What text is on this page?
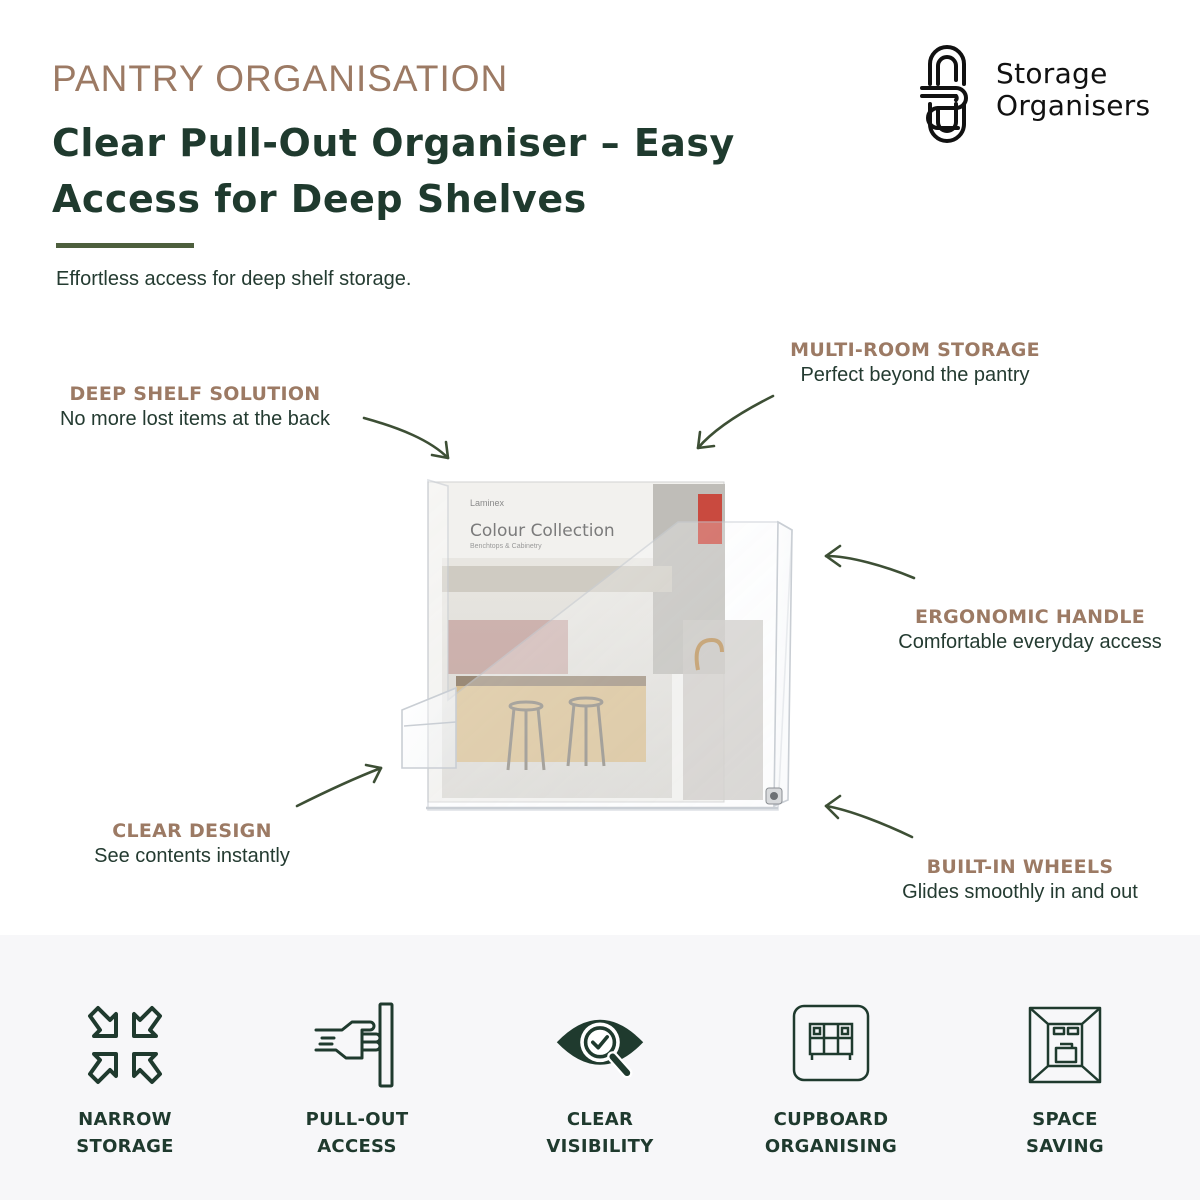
PANTRY ORGANISATION
Clear Pull-Out Organiser – Easy Access for Deep Shelves
Effortless access for deep shelf storage.
Storage
Organisers
DEEP SHELF SOLUTION
No more lost items at the back
MULTI-ROOM STORAGE
Perfect beyond the pantry
ERGONOMIC HANDLE
Comfortable everyday access
CLEAR DESIGN
See contents instantly	BUILT-IN WHEELS
Glides smoothly in and out
Laminex
Colour Collection
Benchtops & Cabinetry
NARROW
STORAGE
PULL-OUT
ACCESS
CLEAR
VISIBILITY
CUPBOARD
ORGANISING
SPACE
SAVING
